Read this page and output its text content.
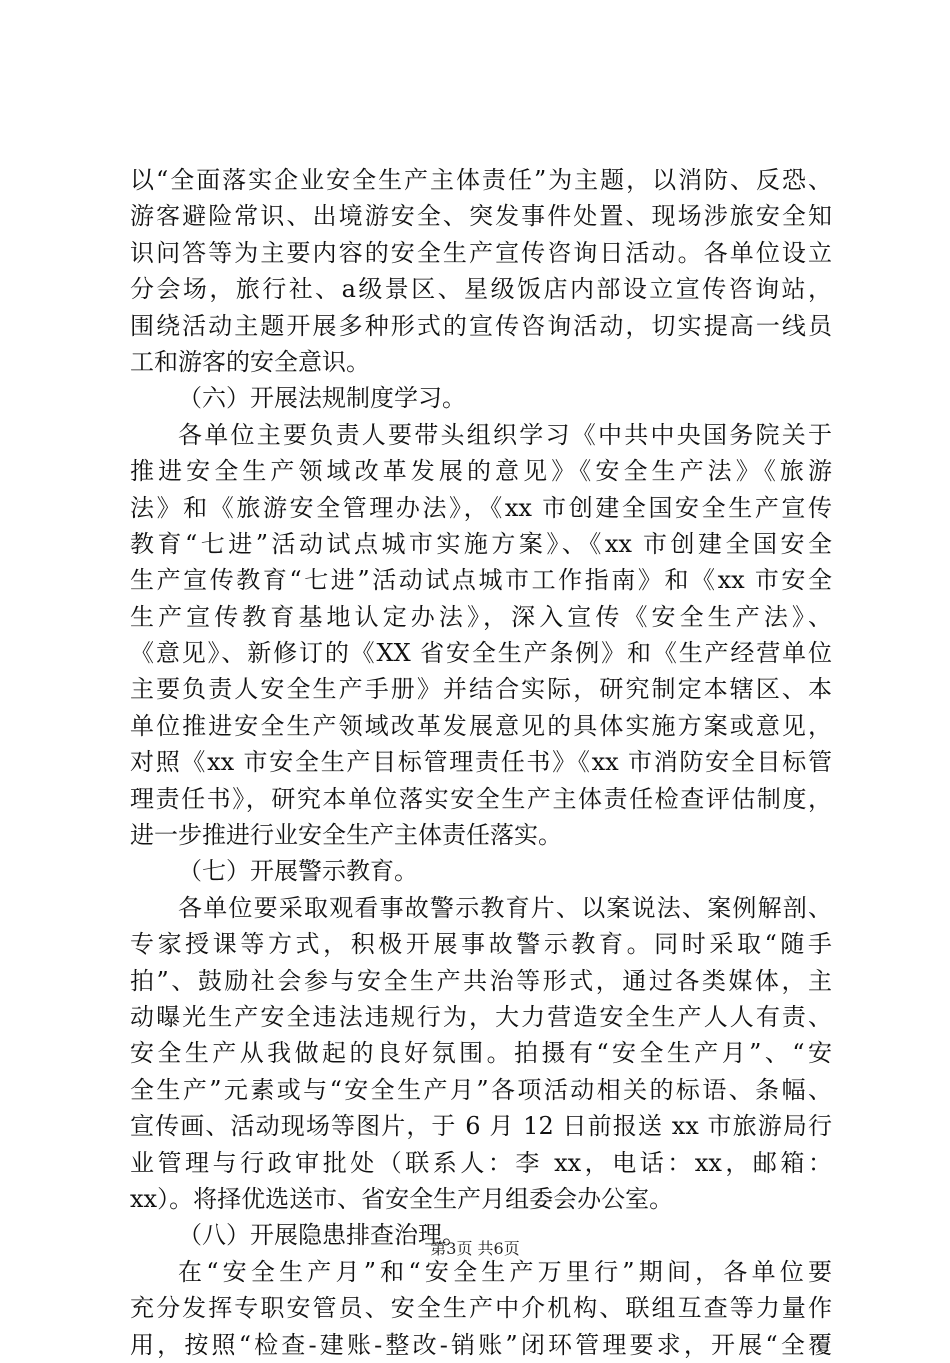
以“全面落实企业安全生产主体责任”为主题，以消防、反恐、
游客避险常识、出境游安全、突发事件处置、现场涉旅安全知
识问答等为主要内容的安全生产宣传咨询日活动。各单位设立
分会场，旅行社、a级景区、星级饭店内部设立宣传咨询站，
围绕活动主题开展多种形式的宣传咨询活动，切实提高一线员
工和游客的安全意识。
（六）开展法规制度学习。
各单位主要负责人要带头组织学习《中共中央国务院关于
推进安全生产领域改革发展的意见》《安全生产法》《旅游
法》和《旅游安全管理办法》，《xx 市创建全国安全生产宣传
教育“七进”活动试点城市实施方案》、《xx 市创建全国安全
生产宣传教育“七进”活动试点城市工作指南》和《xx 市安全
生产宣传教育基地认定办法》，深入宣传《安全生产法》、
《意见》、新修订的《XX 省安全生产条例》和《生产经营单位
主要负责人安全生产手册》并结合实际，研究制定本辖区、本
单位推进安全生产领域改革发展意见的具体实施方案或意见，
对照《xx 市安全生产目标管理责任书》《xx 市消防安全目标管
理责任书》，研究本单位落实安全生产主体责任检查评估制度，
进一步推进行业安全生产主体责任落实。
（七）开展警示教育。
各单位要采取观看事故警示教育片、以案说法、案例解剖、
专家授课等方式，积极开展事故警示教育。同时采取“随手
拍”、鼓励社会参与安全生产共治等形式，通过各类媒体，主
动曝光生产安全违法违规行为，大力营造安全生产人人有责、
安全生产从我做起的良好氛围。拍摄有“安全生产月”、“安
全生产”元素或与“安全生产月”各项活动相关的标语、条幅、
宣传画、活动现场等图片，于 6 月 12 日前报送 xx 市旅游局行
业管理与行政审批处（联系人：李 xx，电话：xx，邮箱：
xx）。将择优选送市、省安全生产月组委会办公室。
（八）开展隐患排查治理。
在“安全生产月”和“安全生产万里行”期间，各单位要
充分发挥专职安管员、安全生产中介机构、联组互查等力量作
用，按照“检查-建账-整改-销账”闭环管理要求，开展“全覆
第3页 共6页
